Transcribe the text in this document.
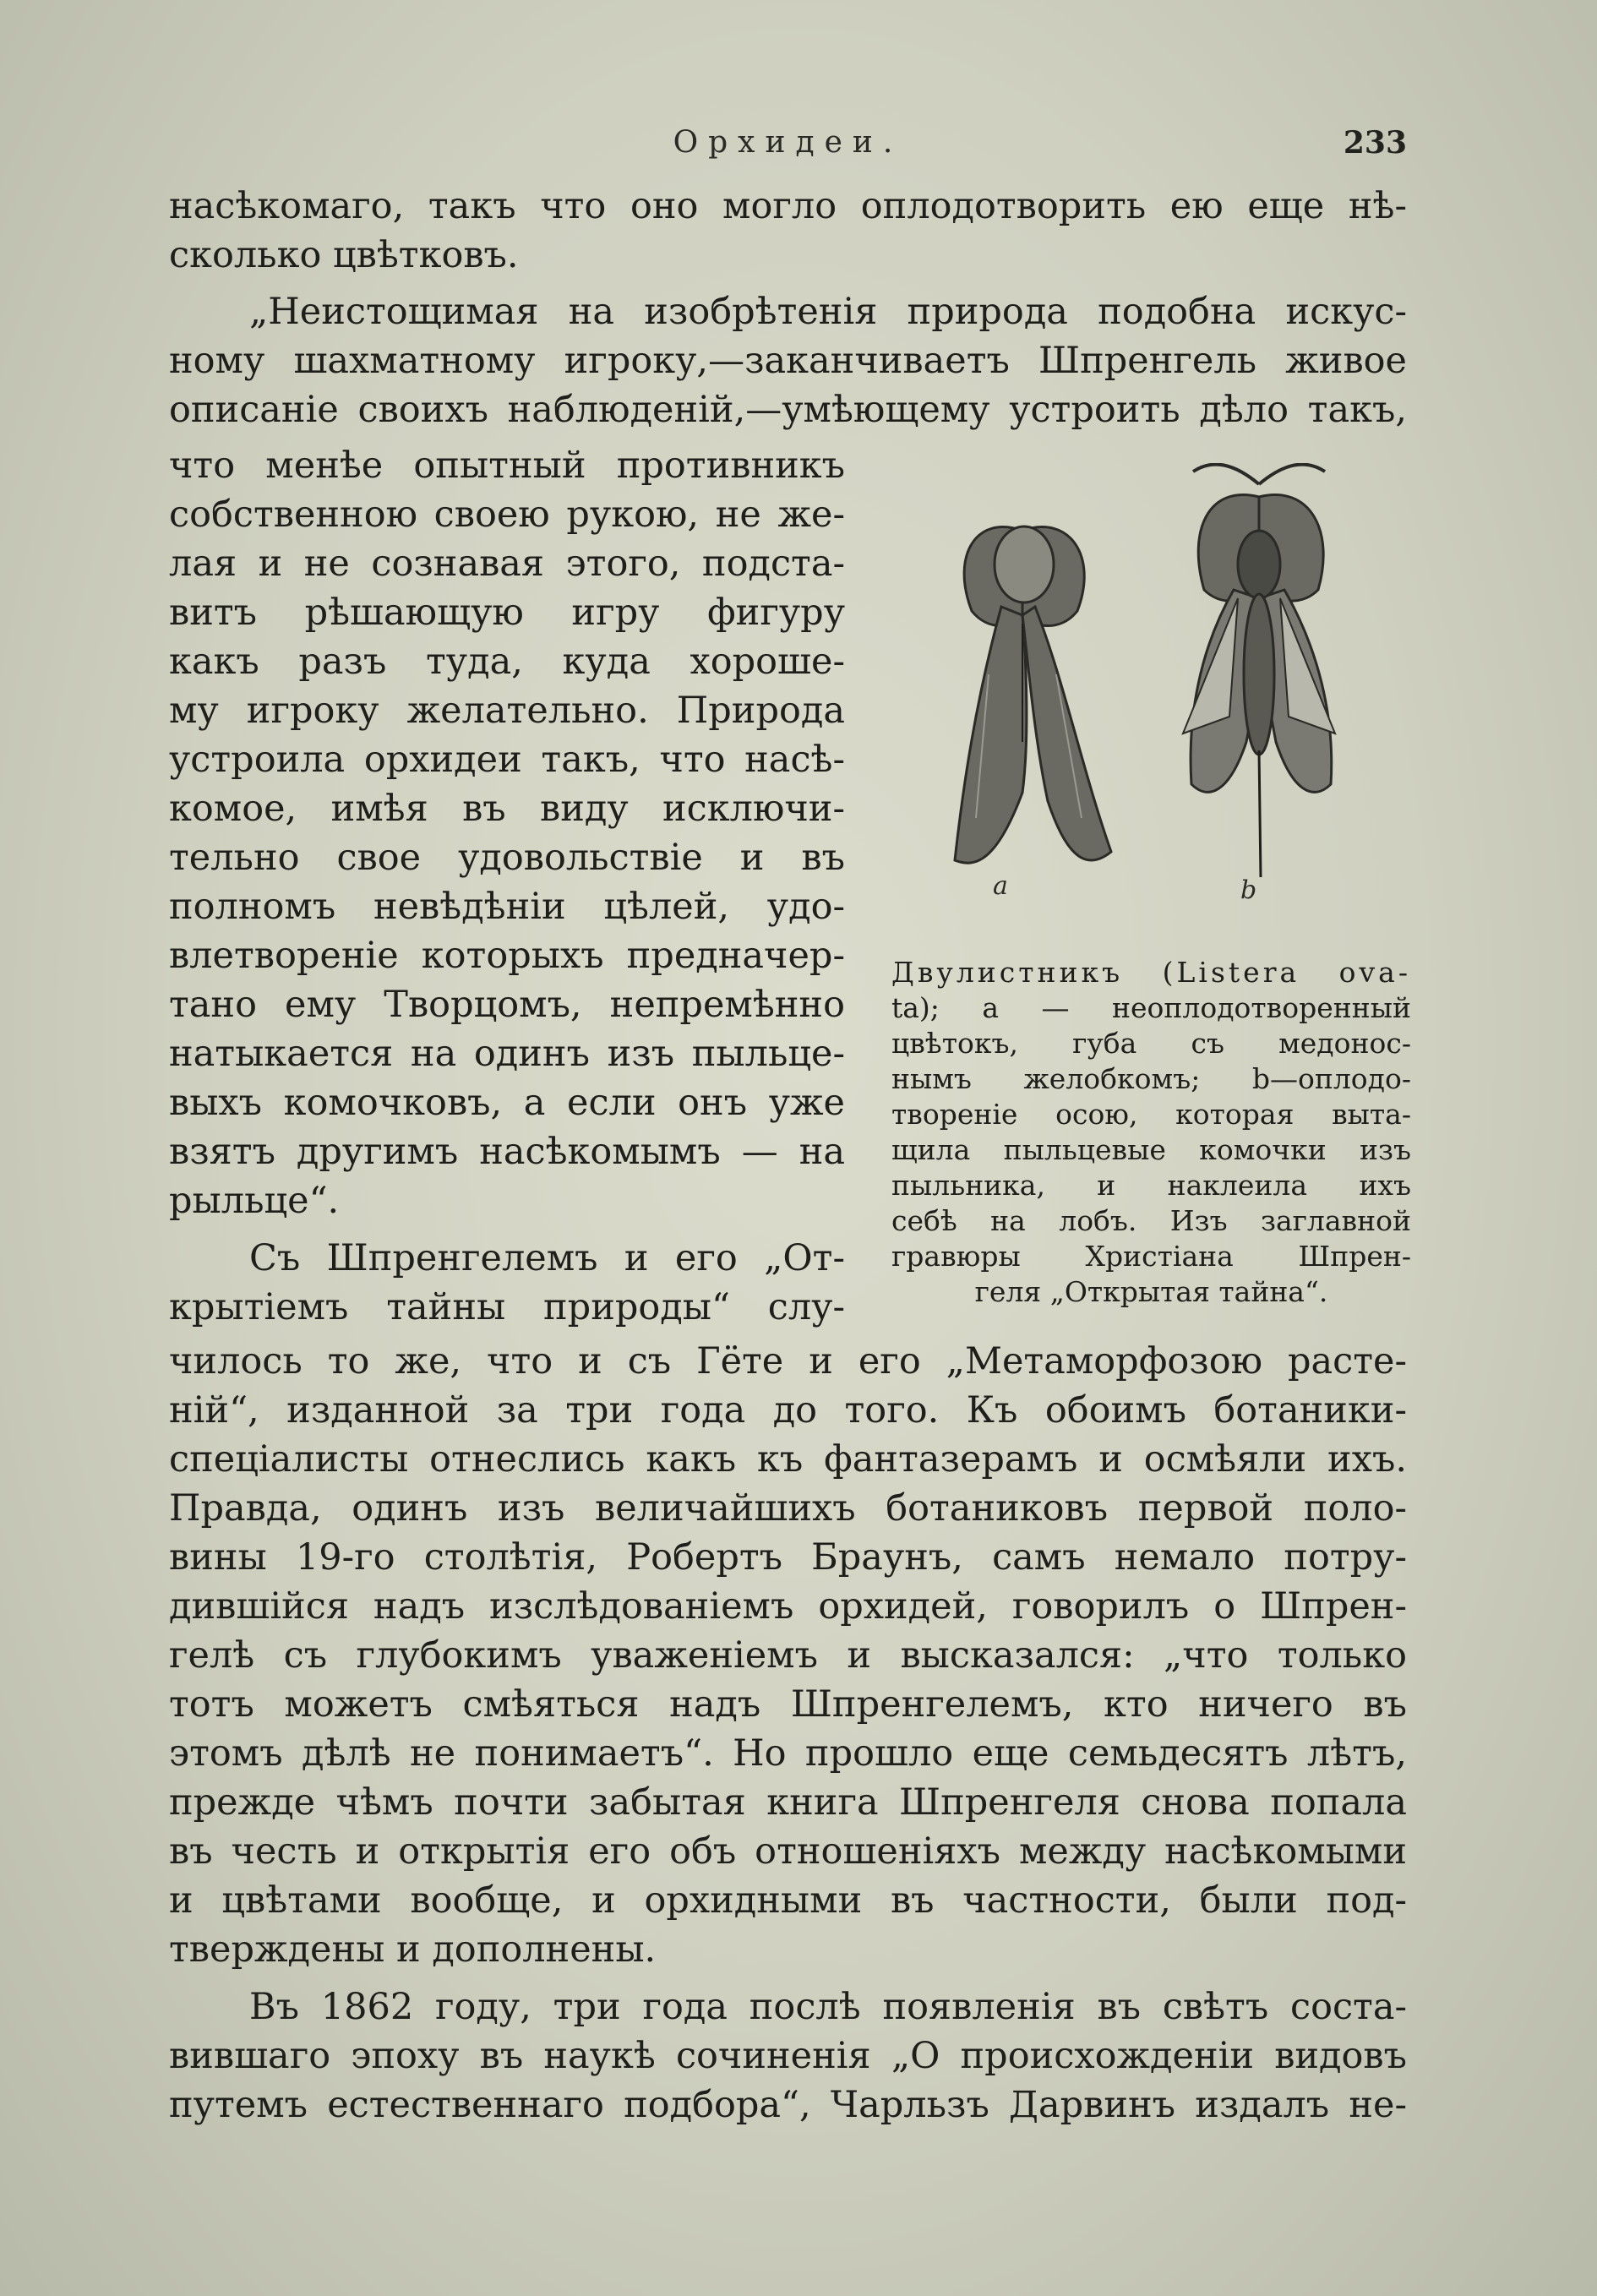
Орхидеи.	233
насѣкомаго, такъ что оно могло оплодотворить ею еще нѣ-
сколько цвѣтковъ.
„Неистощимая на изобрѣтенія природа подобна искус-
ному шахматному игроку,—заканчиваетъ Шпренгель живое
описаніе своихъ наблюденій,—умѣющему устроить дѣло такъ,
что менѣе опытный противникъ
собственною своею рукою, не же-
лая и не сознавая этого, подста-
витъ рѣшающую игру фигуру
какъ разъ туда, куда хороше-
му игроку желательно. Природа
устроила орхидеи такъ, что насѣ-
комое, имѣя въ виду исключи-
тельно свое удовольствіе и въ
полномъ невѣдѣніи цѣлей, удо-
влетвореніе которыхъ предначер-
тано ему Творцомъ, непремѣнно
натыкается на одинъ изъ пыльце-
выхъ комочковъ, а если онъ уже
взятъ другимъ насѣкомымъ — на
рыльце“.
Съ Шпренгелемъ и его „От-
крытіемъ тайны природы“ слу-
чилось то же, что и съ Гёте и его „Метаморфозою расте-
ній“, изданной за три года до того. Къ обоимъ ботаники-
спеціалисты отнеслись какъ къ фантазерамъ и осмѣяли ихъ.
Правда, одинъ изъ величайшихъ ботаниковъ первой поло-
вины 19-го столѣтія, Робертъ Браунъ, самъ немало потру-
дившійся надъ изслѣдованіемъ орхидей, говорилъ о Шпрен-
гелѣ съ глубокимъ уваженіемъ и высказался: „что только
тотъ можетъ смѣяться надъ Шпренгелемъ, кто ничего въ
этомъ дѣлѣ не понимаетъ“. Но прошло еще семьдесятъ лѣтъ,
прежде чѣмъ почти забытая книга Шпренгеля снова попала
въ честь и открытія его объ отношеніяхъ между насѣкомыми
и цвѣтами вообще, и орхидными въ частности, были под-
тверждены и дополнены.
Въ 1862 году, три года послѣ появленія въ свѣтъ соста-
вившаго эпоху въ наукѣ сочиненія „О происхожденіи видовъ
путемъ естественнаго подбора“, Чарльзъ Дарвинъ издалъ не-
a	b
Двулистникъ (Listera ova-
ta); a — неоплодотворенный
цвѣтокъ, губа съ медонос-
нымъ желобкомъ; b—оплодо-
твореніе осою, которая выта-
щила пыльцевые комочки изъ
пыльника, и наклеила ихъ
себѣ на лобъ. Изъ заглавной
гравюры Христіана Шпрен-
геля „Открытая тайна“.
